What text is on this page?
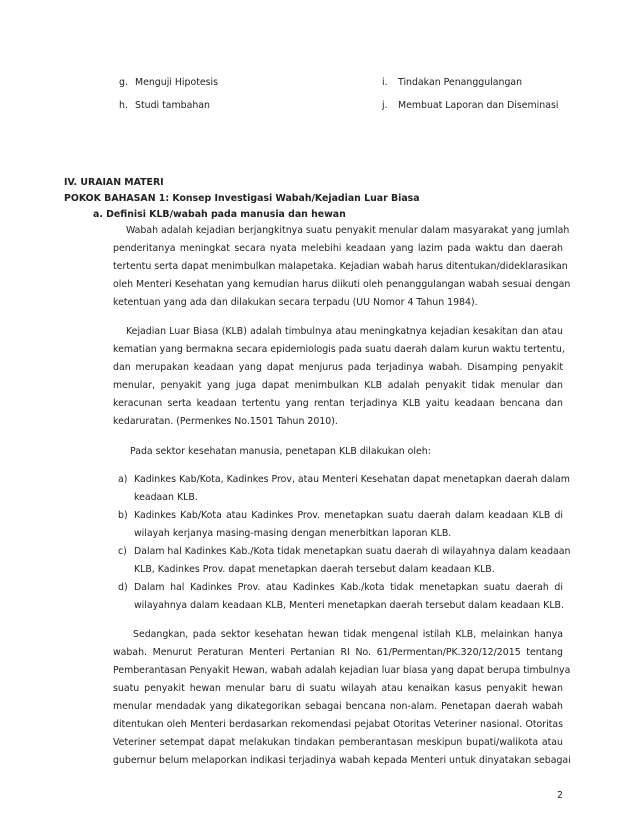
g. Menguji Hipotesis
h. Studi tambahan
i. Tindakan Penanggulangan
j. Membuat Laporan dan Diseminasi
IV. URAIAN MATERI
POKOK BAHASAN 1: Konsep Investigasi Wabah/Kejadian Luar Biasa
a. Definisi KLB/wabah pada manusia dan hewan
Wabah adalah kejadian berjangkitnya suatu penyakit menular dalam masyarakat yang jumlah
penderitanya meningkat secara nyata melebihi keadaan yang lazim pada waktu dan daerah
tertentu serta dapat menimbulkan malapetaka. Kejadian wabah harus ditentukan/dideklarasikan
oleh Menteri Kesehatan yang kemudian harus diikuti oleh penanggulangan wabah sesuai dengan
ketentuan yang ada dan dilakukan secara terpadu (UU Nomor 4 Tahun 1984).
Kejadian Luar Biasa (KLB) adalah timbulnya atau meningkatnya kejadian kesakitan dan atau
kematian yang bermakna secara epidemiologis pada suatu daerah dalam kurun waktu tertentu,
dan merupakan keadaan yang dapat menjurus pada terjadinya wabah. Disamping penyakit
menular, penyakit yang juga dapat menimbulkan KLB adalah penyakit tidak menular dan
keracunan serta keadaan tertentu yang rentan terjadinya KLB yaitu keadaan bencana dan
kedaruratan. (Permenkes No.1501 Tahun 2010).
Pada sektor kesehatan manusia, penetapan KLB dilakukan oleh:
a) Kadinkes Kab/Kota, Kadinkes Prov, atau Menteri Kesehatan dapat menetapkan daerah dalam
keadaan KLB.
b) Kadinkes Kab/Kota atau Kadinkes Prov. menetapkan suatu daerah dalam keadaan KLB di
wilayah kerjanya masing-masing dengan menerbitkan laporan KLB.
c) Dalam hal Kadinkes Kab./Kota tidak menetapkan suatu daerah di wilayahnya dalam keadaan
KLB, Kadinkes Prov. dapat menetapkan daerah tersebut dalam keadaan KLB.
d) Dalam hal Kadinkes Prov. atau Kadinkes Kab./kota tidak menetapkan suatu daerah di
wilayahnya dalam keadaan KLB, Menteri menetapkan daerah tersebut dalam keadaan KLB.
Sedangkan, pada sektor kesehatan hewan tidak mengenal istilah KLB, melainkan hanya
wabah. Menurut Peraturan Menteri Pertanian RI No. 61/Permentan/PK.320/12/2015 tentang
Pemberantasan Penyakit Hewan, wabah adalah kejadian luar biasa yang dapat berupa timbulnya
suatu penyakit hewan menular baru di suatu wilayah atau kenaikan kasus penyakit hewan
menular mendadak yang dikategorikan sebagai bencana non-alam. Penetapan daerah wabah
ditentukan oleh Menteri berdasarkan rekomendasi pejabat Otoritas Veteriner nasional. Otoritas
Veteriner setempat dapat melakukan tindakan pemberantasan meskipun bupati/walikota atau
gubernur belum melaporkan indikasi terjadinya wabah kepada Menteri untuk dinyatakan sebagai
2
